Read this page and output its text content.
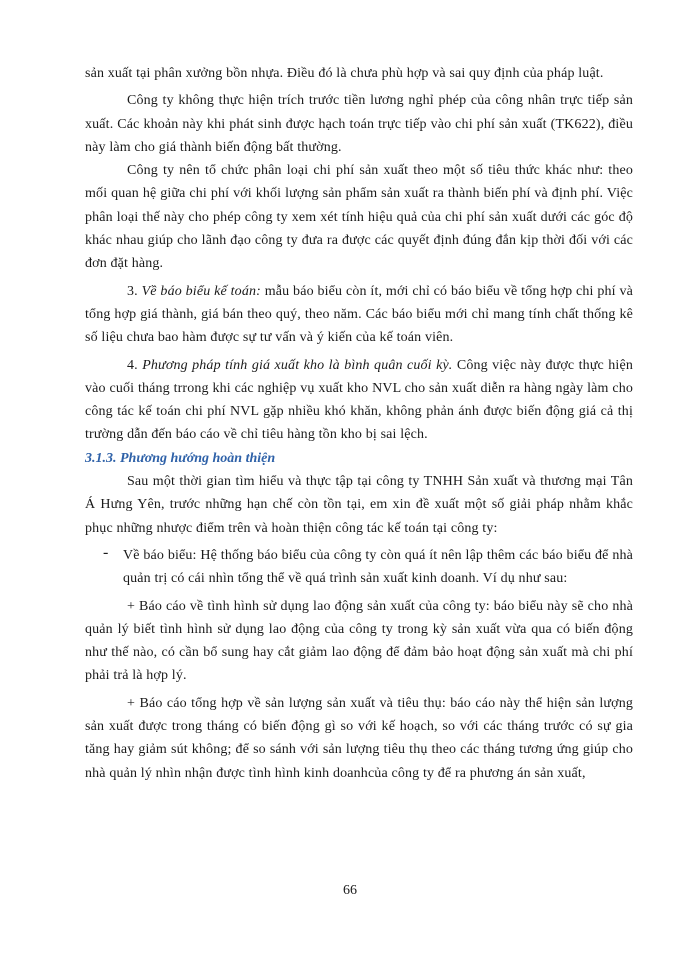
sản xuất tại phân xưởng bồn nhựa. Điều đó là chưa phù hợp và sai quy định của pháp luật.

Công ty không thực hiện trích trước tiền lương nghỉ phép của công nhân trực tiếp sản xuất. Các khoản này khi phát sinh được hạch toán trực tiếp vào chi phí sản xuất (TK622), điều này làm cho giá thành biến động bất thường.

Công ty nên tổ chức phân loại chi phí sản xuất theo một số tiêu thức khác như: theo mối quan hệ giữa chi phí với khối lượng sản phẩm sản xuất ra thành biến phí và định phí. Việc phân loại thế này cho phép công ty xem xét tính hiệu quả của chi phí sản xuất dưới các góc độ khác nhau giúp cho lãnh đạo công ty đưa ra được các quyết định đúng đắn kịp thời đối với các đơn đặt hàng.

3. Về báo biểu kế toán: mẫu báo biểu còn ít, mới chỉ có báo biểu về tổng hợp chi phí và tổng hợp giá thành, giá bán theo quý, theo năm. Các báo biểu mới chỉ mang tính chất thống kê số liệu chưa bao hàm được sự tư vấn và ý kiến của kế toán viên.

4. Phương pháp tính giá xuất kho là bình quân cuối kỳ. Công việc này được thực hiện vào cuối tháng trrong khi các nghiệp vụ xuất kho NVL cho sản xuất diễn ra hàng ngày làm cho công tác kế toán chi phí NVL gặp nhiều khó khăn, không phản ánh được biến động giá cả thị trường dẫn đến báo cáo về chỉ tiêu hàng tồn kho bị sai lệch.

3.1.3. Phương hướng hoàn thiện

Sau một thời gian tìm hiểu và thực tập tại công ty TNHH Sản xuất và thương mại Tân Á Hưng Yên, trước những hạn chế còn tồn tại, em xin đề xuất một số giải pháp nhằm khắc phục những nhược điểm trên và hoàn thiện công tác kế toán tại công ty:

- Về báo biểu: Hệ thống báo biểu của công ty còn quá ít nên lập thêm các báo biểu để nhà quản trị có cái nhìn tổng thể về quá trình sản xuất kinh doanh. Ví dụ như sau:

+ Báo cáo về tình hình sử dụng lao động sản xuất của công ty: báo biểu này sẽ cho nhà quản lý biết tình hình sử dụng lao động của công ty trong kỳ sản xuất vừa qua có biến động như thế nào, có cần bổ sung hay cắt giảm lao động để đảm bảo hoạt động sản xuất mà chi phí phải trả là hợp lý.

+ Báo cáo tổng hợp về sản lượng sản xuất và tiêu thụ: báo cáo này thể hiện sản lượng sản xuất được trong tháng có biến động gì so với kế hoạch, so với các tháng trước có sự gia tăng hay giảm sút không; để so sánh với sản lượng tiêu thụ theo các tháng tương ứng giúp cho nhà quản lý nhìn nhận được tình hình kinh doanhcủa công ty để ra phương án sản xuất,

66
